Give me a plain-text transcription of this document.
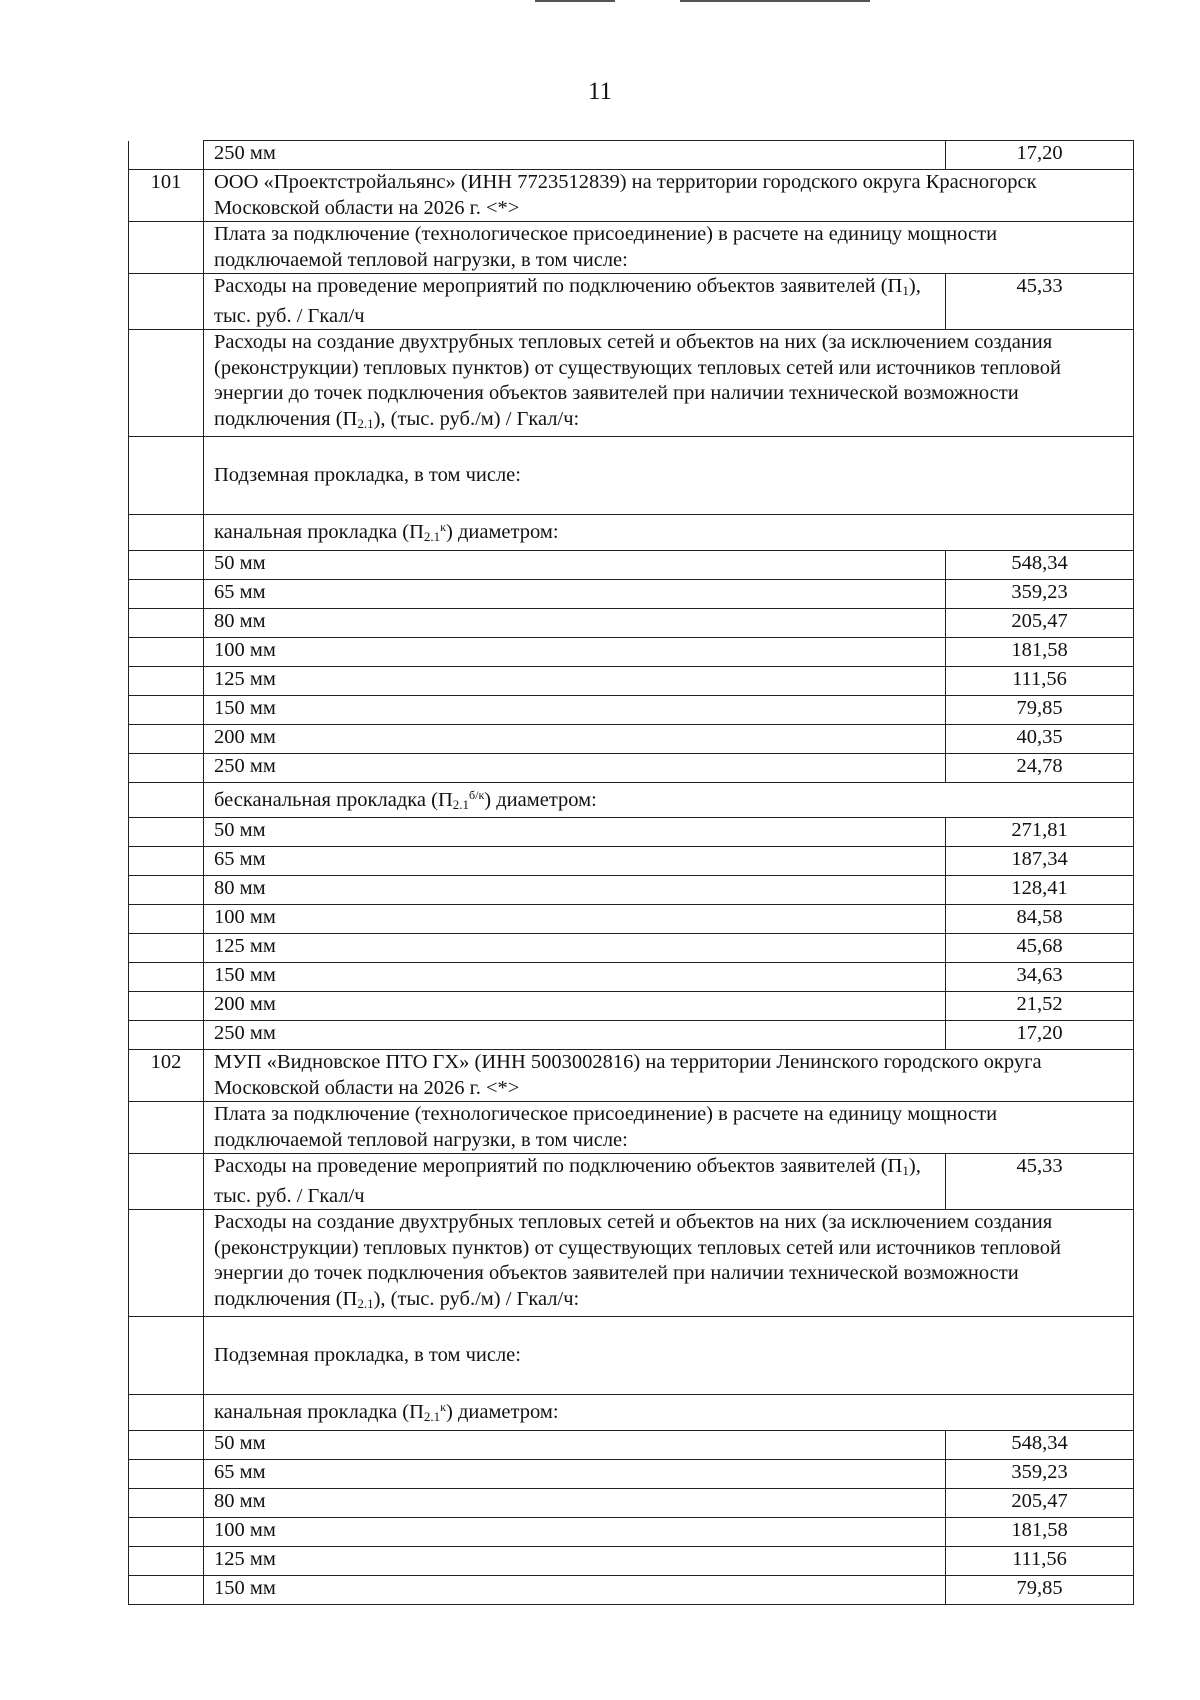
11
	250 мм	17,20
101	ООО «Проектстройальянс» (ИНН 7723512839) на территории городского округа Красногорск Московской области на 2026 г. <*>	
	Плата за подключение (технологическое присоединение) в расчете на единицу мощности подключаемой тепловой нагрузки, в том числе:	
	Расходы на проведение мероприятий по подключению объектов заявителей $(П_1)$, тыс. руб. / Гкал/ч	45,33
	Расходы на создание двухтрубных тепловых сетей и объектов на них (за исключением создания (реконструкции) тепловых пунктов) от существующих тепловых сетей или источников тепловой энергии до точек подключения объектов заявителей при наличии технической возможности подключения $(П_{2.1})$, (тыс. руб./м) / Гкал/ч:	
	Подземная прокладка, в том числе:	
	канальная прокладка $(П_{2.1}^к)$ диаметром:	
	50 мм	548,34
	65 мм	359,23
	80 мм	205,47
	100 мм	181,58
	125 мм	111,56
	150 мм	79,85
	200 мм	40,35
	250 мм	24,78
	бесканальная прокладка $(П_{2.1}^{б/к})$ диаметром:	
	50 мм	271,81
	65 мм	187,34
	80 мм	128,41
	100 мм	84,58
	125 мм	45,68
	150 мм	34,63
	200 мм	21,52
	250 мм	17,20
102	МУП «Видновское ПТО ГХ» (ИНН 5003002816) на территории Ленинского городского округа Московской области на 2026 г. <*>	
	Плата за подключение (технологическое присоединение) в расчете на единицу мощности подключаемой тепловой нагрузки, в том числе:	
	Расходы на проведение мероприятий по подключению объектов заявителей $(П_1)$, тыс. руб. / Гкал/ч	45,33
	Расходы на создание двухтрубных тепловых сетей и объектов на них (за исключением создания (реконструкции) тепловых пунктов) от существующих тепловых сетей или источников тепловой энергии до точек подключения объектов заявителей при наличии технической возможности подключения $(П_{2.1})$, (тыс. руб./м) / Гкал/ч:	
	Подземная прокладка, в том числе:	
	канальная прокладка $(П_{2.1}^к)$ диаметром:	
	50 мм	548,34
	65 мм	359,23
	80 мм	205,47
	100 мм	181,58
	125 мм	111,56
	150 мм	79,85
